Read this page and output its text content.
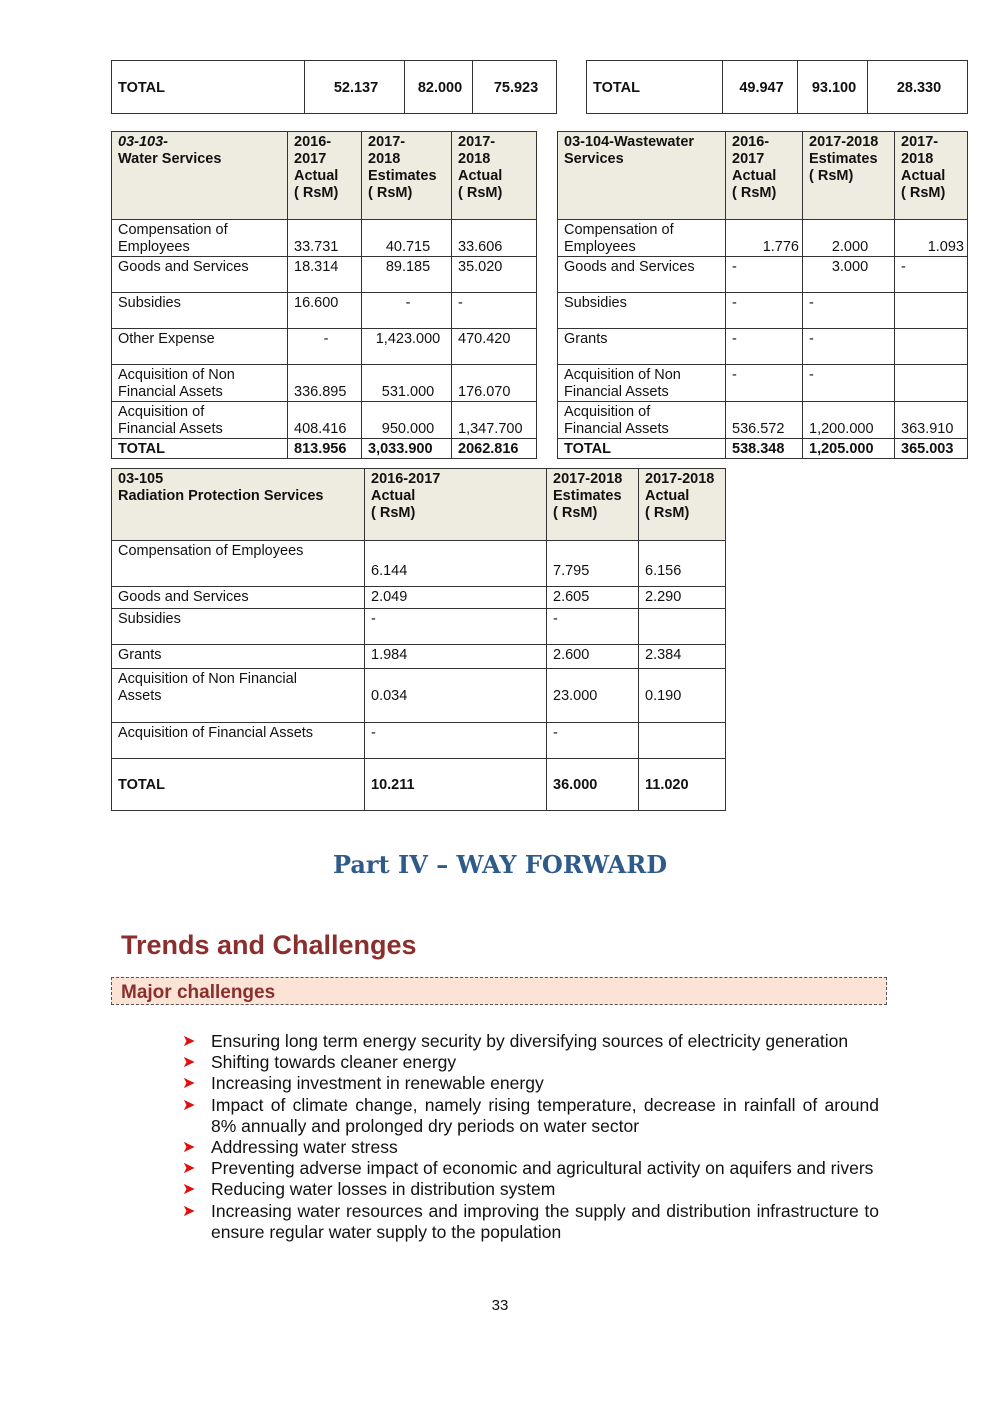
TOTAL	52.137	82.000	75.923		TOTAL	49.947	93.100	28.330
03-103-
Water Services	2016-
2017
Actual
( RsM)	2017-
2018
Estimates
( RsM)	2017-
2018
Actual
( RsM)
Compensation of
Employees	33.731	40.715	33.606
Goods and Services	18.314	89.185	35.020
Subsidies	16.600	-	-
Other Expense	-	1,423.000	470.420
Acquisition of Non
Financial Assets	336.895	531.000	176.070
Acquisition of
Financial Assets	408.416	950.000	1,347.700
TOTAL	813.956	3,033.900	2062.816
03-104-Wastewater
Services	2016-
2017
Actual
( RsM)	2017-2018
Estimates
( RsM)	2017-
2018
Actual
( RsM)
Compensation of
Employees	1.776	2.000	1.093
Goods and Services	-	3.000	-
Subsidies	-	-	
Grants	-	-	
Acquisition of Non
Financial Assets	-	-	
Acquisition of
Financial Assets	536.572	1,200.000	363.910
TOTAL	538.348	1,205.000	365.003
03-105
Radiation Protection Services	2016-2017
Actual
( RsM)	2017-2018
Estimates
( RsM)	2017-2018
Actual
( RsM)
Compensation of Employees	6.144	7.795	6.156
Goods and Services	2.049	2.605	2.290
Subsidies	-	-	
Grants	1.984	2.600	2.384
Acquisition of Non Financial
Assets	0.034	23.000	0.190
Acquisition of Financial Assets	-	-	
TOTAL	10.211	36.000	11.020
Part IV – WAY FORWARD
Trends and Challenges
Major challenges
➤ Ensuring long term energy security by diversifying sources of electricity generation
➤ Shifting towards cleaner energy
➤ Increasing investment in renewable energy
➤ Impact of climate change, namely rising temperature, decrease in rainfall of around 8% annually and prolonged dry periods on water sector
➤ Addressing water stress
➤ Preventing adverse impact of economic and agricultural activity on aquifers and rivers
➤ Reducing water losses in distribution system
➤ Increasing water resources and improving the supply and distribution infrastructure to ensure regular water supply to the population
33
